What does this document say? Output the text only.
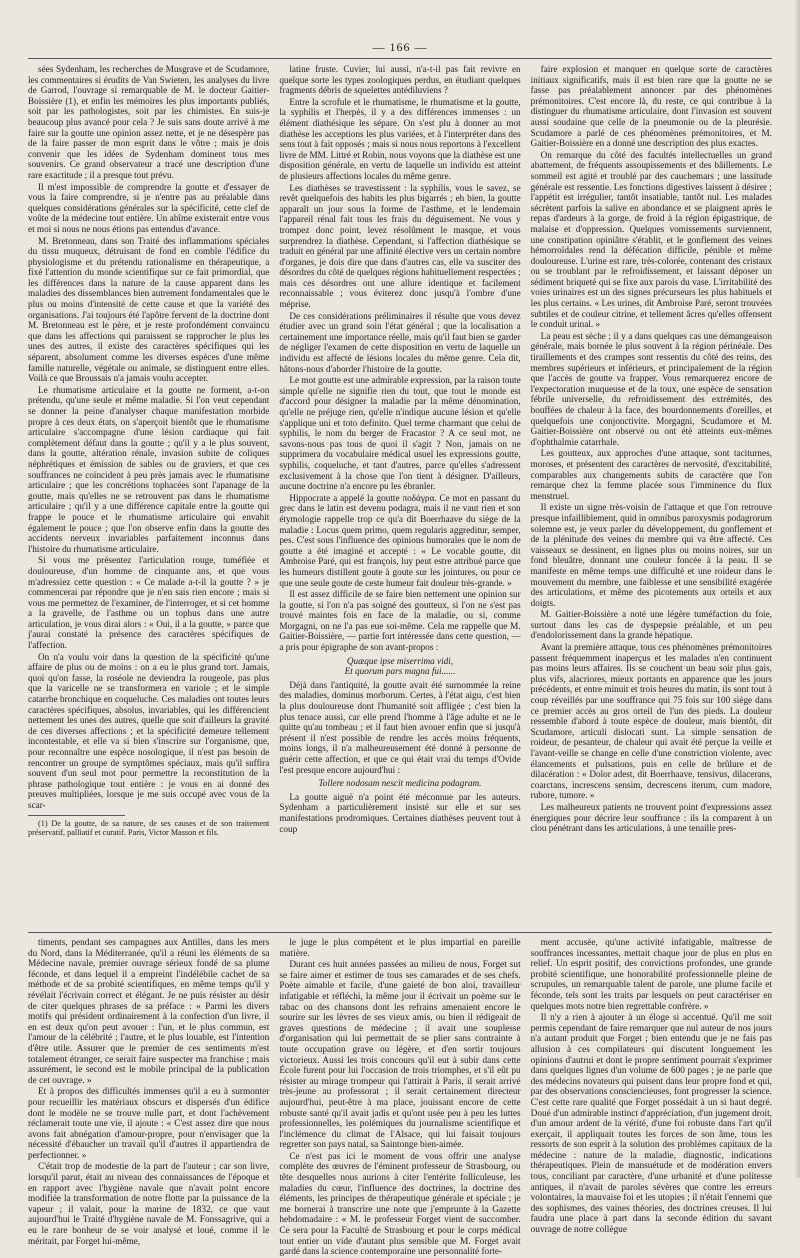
— 166 —

sées Sydenham, les recherches de Musgrave et de Scudamore, les commentaires si érudits de Van Swieten, les analyses du livre de Garrod, l'ouvrage si remarquable de M. le docteur Gaitier-Boissière (1), et enfin les mémoires les plus importants publiés, soit par les pathologistes, soit par les chimistes. En suis-je beaucoup plus avancé pour cela ? Je suis sans doute arrivé à me faire sur la goutte une opinion assez nette, et je ne désespère pas de la faire passer de mon esprit dans le vôtre ; mais je dois convenir que les idées de Sydenham dominent tous mes souvenirs. Ce grand observateur a tracé une description d'une rare exactitude ; il a presque tout prévu.

Il m'est impossible de comprendre la goutte et d'essayer de vous la faire comprendre, si je n'entre pas au préalable dans quelques considérations générales sur la spécificité, cette clef de voûte de la médecine tout entière. Un abîme existerait entre vous et moi si nous ne nous étions pas entendus d'avance.

M. Bretonneau, dans son Traité des inflammations spéciales du tissu muqueux, détruisant de fond en comble l'édifice du physiologisme et du prétendu rationalisme en thérapeutique, a fixé l'attention du monde scientifique sur ce fait primordial, que les différences dans la nature de la cause apparent dans les maladies des dissemblances bien autrement fondamentales que le plus ou moins d'intensité de cette cause et que la variété des organisations. J'ai toujours été l'apôtre fervent de la doctrine dont M. Bretonneau est le père, et je reste profondément convaincu que dans les affections qui paraissent se rapprocher le plus les unes des autres, il existe des caractères spécifiques qui les séparent, absolument comme les diverses espèces d'une même famille naturelle, végétale ou animale, se distinguent entre elles. Voilà ce que Broussais n'a jamais voulu accepter.

Le rhumatisme articulaire et la goutte ne forment, a-t-on prétendu, qu'une seule et même maladie. Si l'on veut cependant se donner la peine d'analyser chaque manifestation morbide propre à ces deux états, on s'aperçoit bientôt que le rhumatisme articulaire s'accompagne d'une lésion cardiaque qui fait complètement défaut dans la goutte ; qu'il y a le plus souvent, dans la goutte, altération rénale, invasion subite de coliques néphrétiques et émission de sables ou de graviers, et que ces souffrances ne coïncident à peu près jamais avec le rhumatisme articulaire ; que les concrétions tophacées sont l'apanage de la goutte, mais qu'elles ne se retrouvent pas dans le rhumatisme articulaire ; qu'il y a une différence capitale entre la goutte qui frappe le pouce et le rhumatisme articulaire qui envahit également le pouce ; que l'on observe enfin dans la goutte des accidents nerveux invariables parfaitement inconnus dans l'histoire du rhumatisme articulaire.

Si vous me présentez l'articulation rouge, tuméfiée et douloureuse, d'un homme de cinquante ans, et que vous m'adressiez cette question : « Ce malade a-t-il la goutte ? » je commencerai par répondre que je n'en sais rien encore ; mais si vous me permettez de l'examiner, de l'interroger, et si cet homme a la gravelle, de l'asthme ou un tophus dans une autre articulation, je vous dirai alors : « Oui, il a la goutte, » parce que j'aurai constaté la présence des caractères spécifiques de l'affection.

On n'a voulu voir dans la question de la spécificité qu'une affaire de plus ou de moins : on a eu le plus grand tort. Jamais, quoi qu'on fasse, la roséole ne deviendra la rougeole, pas plus que la varicelle ne se transformera en variole ; et le simple catarrhe bronchique en coqueluche. Ces maladies ont toutes leurs caractères spécifiques, absolus, invariables, qui les différencient nettement les unes des autres, quelle que soit d'ailleurs la gravité de ces diverses affections ; et la spécificité demeure tellement incontestable, et elle va si bien s'inscrire sur l'organisme, que, pour reconnaître une espèce nosologique, il n'est pas besoin de rencontrer un groupe de symptômes spéciaux, mais qu'il suffira souvent d'un seul mot pour permettre la reconstitution de la phrase pathologique tout entière : je vous en ai donné des preuves multipliées, lorsque je me suis occupé avec vous de la scar-

(1) De la goutte, de sa nature, de ses causes et de son traitement préservatif, palliatif et curatif. Paris, Victor Masson et fils.

latine fruste. Cuvier, lui aussi, n'a-t-il pas fait revivre en quelque sorte les types zoologiques perdus, en étudiant quelques fragments débris de squelettes antédiluviens ?

Entre la scrofule et le rhumatisme, le rhumatisme et la goutte, la syphilis et l'herpès, il y a des différences immenses : un élément diathésique les sépare. On s'est plu à donner au mot diathèse les acceptions les plus variées, et à l'interpréter dans des sens tout à fait opposés ; mais si nous nous reportons à l'excellent livre de MM. Littré et Robin, nous voyons que la diathèse est une disposition générale, en vertu de laquelle un individu est atteint de plusieurs affections locales du même genre.

Les diathèses se travestissent : la syphilis, vous le savez, se revêt quelquefois des habits les plus bigarrés ; eh bien, la goutte apparaît un jour sous la forme de l'asthme, et le lendemain l'appareil rénal fait tous les frais du déguisement. Ne vous y trompez donc point, levez résolûment le masque, et vous surprendrez la diathèse. Cependant, si l'affection diathésique se traduit en général par une affinité élective vers un certain nombre d'organes, je dois dire que dans d'autres cas, elle va susciter des désordres du côté de quelques régions habituellement respectées ; mais ces désordres ont une allure identique et facilement reconnaissable ; vous éviterez donc jusqu'à l'ombre d'une méprise.

De ces considérations préliminaires il résulte que vous devez étudier avec un grand soin l'état général ; que la localisation a certainement une importance réelle, mais qu'il faut bien se garder de négliger l'examen de cette disposition en vertu de laquelle un individu est affecté de lésions locales du même genre. Cela dit, hâtons-nous d'aborder l'histoire de la goutte.

Le mot goutte est une admirable expression, par la raison toute simple qu'elle ne signifie rien du tout, que tout le monde est d'accord pour désigner la maladie par la même dénomination, qu'elle ne préjuge rien, qu'elle n'indique aucune lésion et qu'elle s'applique uni et toto definito. Quel terme charmant que celui de syphilis, le nom du berger de Fracastor ? A ce seul mot, ne savons-nous pas tous de quoi il s'agit ? Non, jamais on ne supprimera du vocabulaire médical usuel les expressions goutte, syphilis, coqueluche, et tant d'autres, parce qu'elles s'adressent exclusivement à la chose que l'on tient à désigner. D'ailleurs, aucune doctrine n'a encore pu les ébranler.

Hippocrate a appelé la goutte ποδάγρα. Ce mot en passant du grec dans le latin est devenu podagra, mais il ne vaut rien et son étymologie rappelle trop ce qu'a dit Boerrhaave du siège de la maladie : Locus quem primo, quem regularis aggreditur, semper, pes. C'est sous l'influence des opinions humorales que le nom de goutte a été imaginé et accepté : « Le vocable goutte, dit Ambroise Paré, qui est françois, luy peut estre attribué parce que les humeurs distillent goute à goute sur les jointures, ou pour ce que une seule goute de ceste humeur fait douleur très-grande. »

Il est assez difficile de se faire bien nettement une opinion sur la goutte, si l'on n'a pas soigné des goutteux, si l'on ne s'est pas trouvé maintes fois en face de la maladie, ou si, comme Morgagni, on ne l'a pas eue soi-même. Cela me rappelle que M. Gaitier-Boissière, — partie fort intéressée dans cette question, — a pris pour épigraphe de son avant-propos :

Quæque ipse miserrima vidi,
Et quorum pars magna fui......

Déjà dans l'antiquité, la goutte avait été surnommée la reine des maladies, dominus morborum. Certes, à l'état aigu, c'est bien la plus douloureuse dont l'humanité soit affligée ; c'est bien la plus tenace aussi, car elle prend l'homme à l'âge adulte et ne le quitte qu'au tombeau ; et il faut bien avouer enfin que si jusqu'à présent il n'est possible de rendre les accès moins fréquents, moins longs, il n'a malheureusement été donné à personne de guérir cette affection, et que ce qui était vrai du temps d'Ovide l'est presque encore aujourd'hui :

Tollere nodosam nescit medicina podagram.

La goutte aiguë n'a point été méconnue par les auteurs. Sydenham a particulièrement insisté sur elle et sur ses manifestations prodromiques. Certaines diathèses peuvent tout à coup

faire explosion et manquer en quelque sorte de caractères initiaux significatifs, mais il est bien rare que la goutte ne se fasse pas préalablement annoncer par des phénomènes prémonitoires. C'est encore là, du reste, ce qui contribue à la distinguer du rhumatisme articulaire, dont l'invasion est souvent aussi soudaine que celle de la pneumonie ou de la pleurésie. Scudamore a parlé de ces phénomènes prémonitoires, et M. Gaitier-Boissière en a donné une description des plus exactes.

On remarque du côté des facultés intellectuelles un grand abattement, de fréquents assoupissements et des bâillements. Le sommeil est agité et troublé par des cauchemars ; une lassitude générale est ressentie. Les fonctions digestives laissent à désirer ; l'appétit est irrégulier, tantôt insatiable, tantôt nul. Les malades sécrètent parfois la salive en abondance et se plaignent après le repas d'ardeurs à la gorge, de froid à la région épigastrique, de malaise et d'oppression. Quelques vomissements surviennent, une constipation opiniâtre s'établit, et le gonflement des veines hémorroïdales rend la défécation difficile, pénible et même douloureuse. L'urine est rare, très-colorée, contenant des cristaux ou se troublant par le refroidissement, et laissant déposer un sédiment briqueté qui se fixe aux parois du vase. L'irritabilité des voies urinaires est un des signes précurseurs les plus habituels et les plus certains. « Les urines, dit Ambroise Paré, seront trouvées subtiles et de couleur citrine, et tellement âcres qu'elles offensent le conduit urinal. »

La peau est sèche ; il y a dans quelques cas une démangeaison générale, mais bornée le plus souvent à la région périnéale. Des tiraillements et des crampes sont ressentis du côté des reins, des membres supérieurs et inférieurs, et principalement de la région que l'accès de goutte va frapper. Vous remarquerez encore de l'expectoration muqueuse et de la toux, une espèce de sensation fébrile universelle, du refroidissement des extrémités, des bouffées de chaleur à la face, des bourdonnements d'oreilles, et quelquefois une conjonctivite. Morgagni, Scudamore et M. Gaitier-Boissière ont observé ou ont été atteints eux-mêmes d'ophthalmie catarrhale.

Les goutteux, aux approches d'une attaque, sont taciturnes, moroses, et présentent des caractères de nervosité, d'excitabilité, comparables aux changements subits de caractère que l'on remarque chez la femme placée sous l'imminence du flux menstruel.

Il existe un signe très-voisin de l'attaque et que l'on retrouve presque infailliblement, quid in omnibus paroxysmis podagrorum solemne est, je veux parler du développement, du gonflement et de la plénitude des veines du membre qui va être affecté. Ces vaisseaux se dessinent, en lignes plus ou moins noires, sur un fond bleuâtre, donnant une couleur foncée à la peau. Il se manifeste en même temps une difficulté et une roideur dans le mouvement du membre, une faiblesse et une sensibilité exagérée des articulations, et même des picotements aux orteils et aux doigts.

M. Gaitier-Boissière a noté une légère tuméfaction du foie, surtout dans les cas de dyspepsie préalable, et un peu d'endolorissement dans la grande hépatique.

Avant la première attaque, tous ces phénomènes prémonitoires passent fréquemment inaperçus et les malades n'en continuent pas moins leurs affaires. Ils se couchent un beau soir plus gais, plus vifs, alacriores, mieux portants en apparence que les jours précédents, et entre minuit et trois heures du matin, ils sont tout à coup réveillés par une souffrance qui 75 fois sur 100 siège dans ce premier accès au gros orteil de l'un des pieds. La douleur ressemble d'abord à toute espèce de douleur, mais bientôt, dit Scudamore, articuli dislocati sunt. La simple sensation de roideur, de pesanteur, de chaleur qui avait été perçue la veille et l'avant-veille se change en celle d'une constriction violente, avec élancements et pulsations, puis en celle de brûlure et de dilacération : « Dolor adest, dit Boerrhaave, tensivus, dilacerans, coarctans, increscens sensim, decrescens iterum, cum madore, rubore, tumore. »

Les malheureux patients ne trouvent point d'expressions assez énergiques pour décrire leur souffrance : ils la comparent à un clou pénétrant dans les articulations, à une tenaille pres-

timents, pendant ses campagnes aux Antilles, dans les mers du Nord, dans la Méditerranée, qu'il a réuni les éléments de sa Médecine navale, premier ouvrage sérieux fondé de sa plume féconde, et dans lequel il a empreint l'indélébile cachet de sa méthode et de sa probité scientifiques, en même temps qu'il y révélait l'écrivain correct et élégant. Je ne puis résister au désir de citer quelques phrases de sa préface : « Parmi les divers motifs qui président ordinairement à la confection d'un livre, il en est deux qu'on peut avouer : l'un, et le plus commun, est l'amour de la célébrité ; l'autre, et le plus louable, est l'intention d'être utile. Assurer que le premier de ces sentiments m'est totalement étranger, ce serait faire suspecter ma franchise ; mais assurément, le second est le mobile principal de la publication de cet ouvrage. »

Et à propos des difficultés immenses qu'il a eu à surmonter pour recueillir les matériaux obscurs et dispersés d'un édifice dont le modèle ne se trouve nulle part, et dont l'achèvement réclamerait toute une vie, il ajoute : « C'est assez dire que nous avons fait abnégation d'amour-propre, pour n'envisager que la nécessité d'ébaucher un travail qu'il d'autres il appartiendra de perfectionner. »

C'était trop de modestie de la part de l'auteur ; car son livre, lorsqu'il parut, était au niveau des connaissances de l'époque et en rapport avec l'hygiène navale que n'avait point encore modifiée la transformation de notre flotte par la puissance de la vapeur ; il valait, pour la marine de 1832, ce que vaut aujourd'hui le Traité d'hygiène navale de M. Fonssagrive, qui a eu le rare bonheur de se voir analysé et loué, comme il le méritait, par Forget lui-même,

le juge le plus compétent et le plus impartial en pareille matière.

Durant ces huit années passées au milieu de nous, Forget sut se faire aimer et estimer de tous ses camarades et de ses chefs. Poète aimable et facile, d'une gaieté de bon aloi, travailleur infatigable et réfléchi, la même jour il écrivait un poème sur le tabac ou des chansons dont les refrains amenaient encore le sourire sur les lèvres de ses vieux amis, ou bien il rédigeait de graves questions de médecine ; il avait une souplesse d'organisation qui lui permettait de se plier sans contrainte à toute occupation grave ou légère, et d'en sortir toujours victorieux. Aussi les trois concours qu'il eut à subir dans cette École furent pour lui l'occasion de trois triomphes, et s'il eût pu résister au mirage trompeur qui l'attirait à Paris, il serait arrivé très-jeune au professorat ; il serait certainement directeur aujourd'hui, peut-être à ma place, jouissant encore de cette robuste santé qu'il avait jadis et qu'ont usée peu à peu les luttes professionnelles, les polémiques du journalisme scientifique et l'inclémence du climat de l'Alsace, qui lui faisait toujours regretter son pays natal, sa Saintonge bien-aimée.

Ce n'est pas ici le moment de vous offrir une analyse complète des œuvres de l'éminent professeur de Strasbourg, ou tête desquelles nous aurions à citer l'entérite folliculeuse, les maladies du cœur, l'influence des doctrines, la doctrine des éléments, les principes de thérapeutique générale et spéciale ; je me bornerai à transcrire une note que j'emprunte à la Gazette hebdomadaire : « M. le professeur Forget vient de succomber. Ce sera pour la Faculté de Strasbourg et pour le corps médical tout entier un vide d'autant plus sensible que M. Forget avait gardé dans la science contemporaine une personnalité forte-

ment accusée, qu'une activité infatigable, maîtresse de souffrances incessantes, mettait chaque jour de plus en plus en relief. Un esprit positif, des convictions profondes, une grande probité scientifique, une honorabilité professionnelle pleine de scrupules, un remarquable talent de parole, une plume facile et féconde, tels sont les traits par lesquels on peut caractériser en quelques mots notre bien regrettable confrère. »

Il n'y a rien à ajouter à un éloge si accentué. Qu'il me soit permis cependant de faire remarquer que nul auteur de nos jours n'a autant produit que Forget ; bien entendu que je ne fais pas allusion à ces compilateurs qui discutent longuement les opinions d'autrui et dont le propre sentiment pourrait s'exprimer dans quelques lignes d'un volume de 600 pages ; je ne parle que des médecins novateurs qui puisent dans leur propre fond et qui, par des observations consciencieuses, font progresser la science. C'est cette rare qualité que Forget possédait à un si haut degré. Doué d'un admirable instinct d'appréciation, d'un jugement droit, d'un amour ardent de la vérité, d'une foi robuste dans l'art qu'il exerçait, il appliquait toutes les forces de son âme, tous les ressorts de son esprit à la solution des problèmes capitaux de la médecine : nature de la maladie, diagnostic, indications thérapeutiques. Plein de mansuétude et de modération envers tous, conciliant par caractère, d'une urbanité et d'une politesse antiques, il n'avait de paroles sévères que contre les erreurs volontaires, la mauvaise foi et les utopies ; il n'était l'ennemi que des sophismes, des vaines théories, des doctrines creuses. Il lui faudra une place à part dans la seconde édition du savant ouvrage de notre collègue
